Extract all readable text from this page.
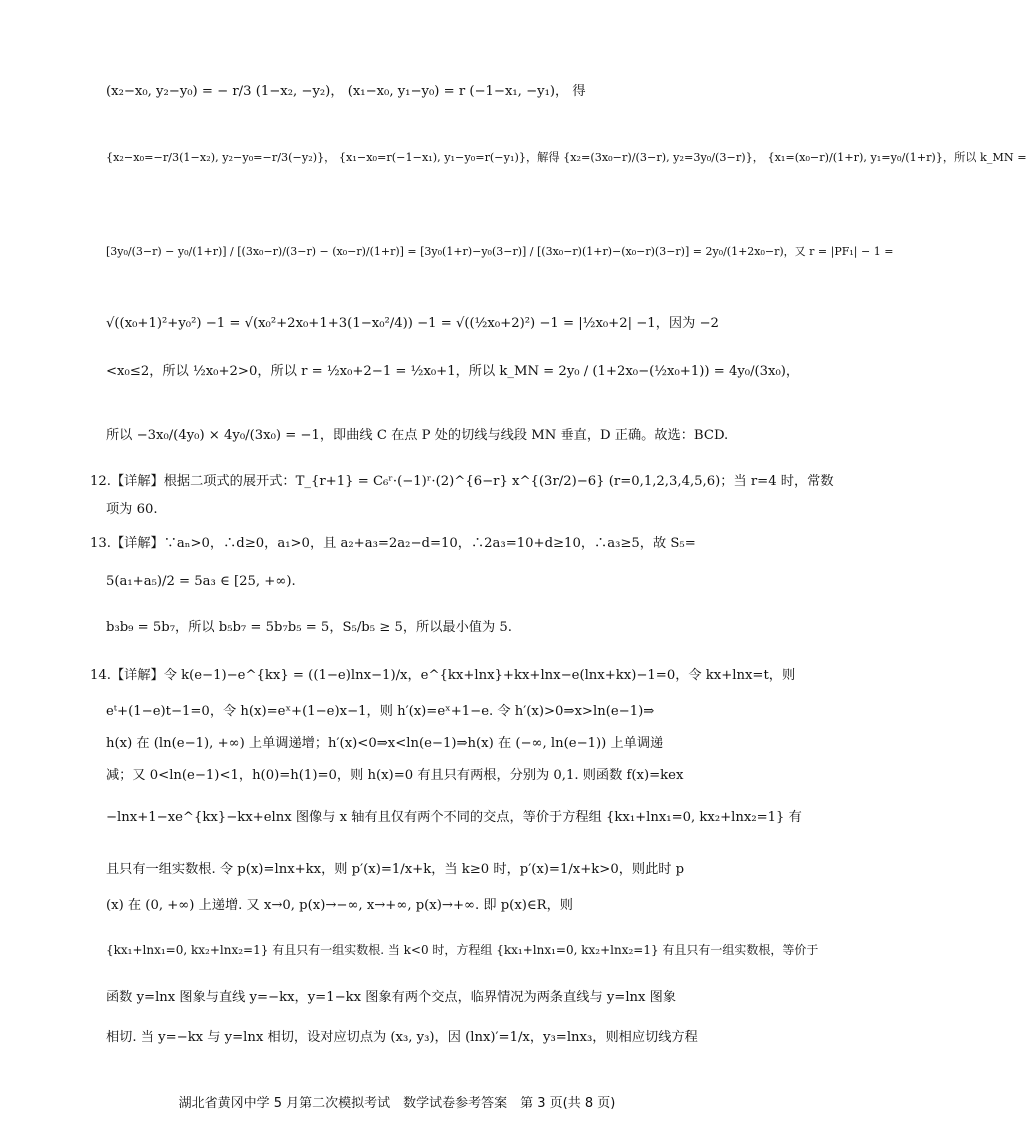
(x₂−x₀, y₂−y₀) = − r/3 (1−x₂, −y₂)， (x₁−x₀, y₁−y₀) = r (−1−x₁, −y₁)， 得
{x₂−x₀=−r/3(1−x₂), y₂−y₀=−r/3(−y₂)}， {x₁−x₀=r(−1−x₁), y₁−y₀=r(−y₁)}，解得 {x₂=(3x₀−r)/(3−r), y₂=3y₀/(3−r)}， {x₁=(x₀−r)/(1+r), y₁=y₀/(1+r)}，所以 k_MN =
[3y₀/(3−r) − y₀/(1+r)] / [(3x₀−r)/(3−r) − (x₀−r)/(1+r)] = [3y₀(1+r)−y₀(3−r)] / [(3x₀−r)(1+r)−(x₀−r)(3−r)] = 2y₀/(1+2x₀−r)，又 r = |PF₁| − 1 =
√((x₀+1)²+y₀²) −1 = √(x₀²+2x₀+1+3(1−x₀²/4)) −1 = √((½x₀+2)²) −1 = |½x₀+2| −1，因为 −2
<x₀≤2，所以 ½x₀+2>0，所以 r = ½x₀+2−1 = ½x₀+1，所以 k_MN = 2y₀ / (1+2x₀−(½x₀+1)) = 4y₀/(3x₀)，
所以 −3x₀/(4y₀) × 4y₀/(3x₀) = −1，即曲线 C 在点 P 处的切线与线段 MN 垂直，D 正确。故选：BCD.
12.【详解】根据二项式的展开式：T_{r+1} = C₆ʳ·(−1)ʳ·(2)^{6−r} x^{(3r/2)−6} (r=0,1,2,3,4,5,6)；当 r=4 时，常数
项为 60.
13.【详解】∵aₙ>0，∴d≥0，a₁>0，且 a₂+a₃=2a₂−d=10，∴2a₃=10+d≥10，∴a₃≥5，故 S₅=
5(a₁+a₅)/2 = 5a₃ ∈ [25, +∞).
b₃b₉ = 5b₇，所以 b₅b₇ = 5b₇b₅ = 5，S₅/b₅ ≥ 5，所以最小值为 5.
14.【详解】令 k(e−1)−e^{kx} = ((1−e)lnx−1)/x，e^{kx+lnx}+kx+lnx−e(lnx+kx)−1=0，令 kx+lnx=t，则
eᵗ+(1−e)t−1=0，令 h(x)=eˣ+(1−e)x−1，则 h′(x)=eˣ+1−e. 令 h′(x)>0⇒x>ln(e−1)⇒
h(x) 在 (ln(e−1), +∞) 上单调递增；h′(x)<0⇒x<ln(e−1)⇒h(x) 在 (−∞, ln(e−1)) 上单调递
减；又 0<ln(e−1)<1，h(0)=h(1)=0，则 h(x)=0 有且只有两根，分别为 0,1. 则函数 f(x)=kex
−lnx+1−xe^{kx}−kx+elnx 图像与 x 轴有且仅有两个不同的交点，等价于方程组 {kx₁+lnx₁=0, kx₂+lnx₂=1} 有
且只有一组实数根. 令 p(x)=lnx+kx，则 p′(x)=1/x+k，当 k≥0 时，p′(x)=1/x+k>0，则此时 p
(x) 在 (0, +∞) 上递增. 又 x→0, p(x)→−∞, x→+∞, p(x)→+∞. 即 p(x)∈R，则
{kx₁+lnx₁=0, kx₂+lnx₂=1} 有且只有一组实数根. 当 k<0 时，方程组 {kx₁+lnx₁=0, kx₂+lnx₂=1} 有且只有一组实数根，等价于
函数 y=lnx 图象与直线 y=−kx，y=1−kx 图象有两个交点，临界情况为两条直线与 y=lnx 图象
相切. 当 y=−kx 与 y=lnx 相切，设对应切点为 (x₃, y₃)，因 (lnx)′=1/x，y₃=lnx₃，则相应切线方程
湖北省黄冈中学 5 月第二次模拟考试　数学试卷参考答案　第 3 页(共 8 页)
